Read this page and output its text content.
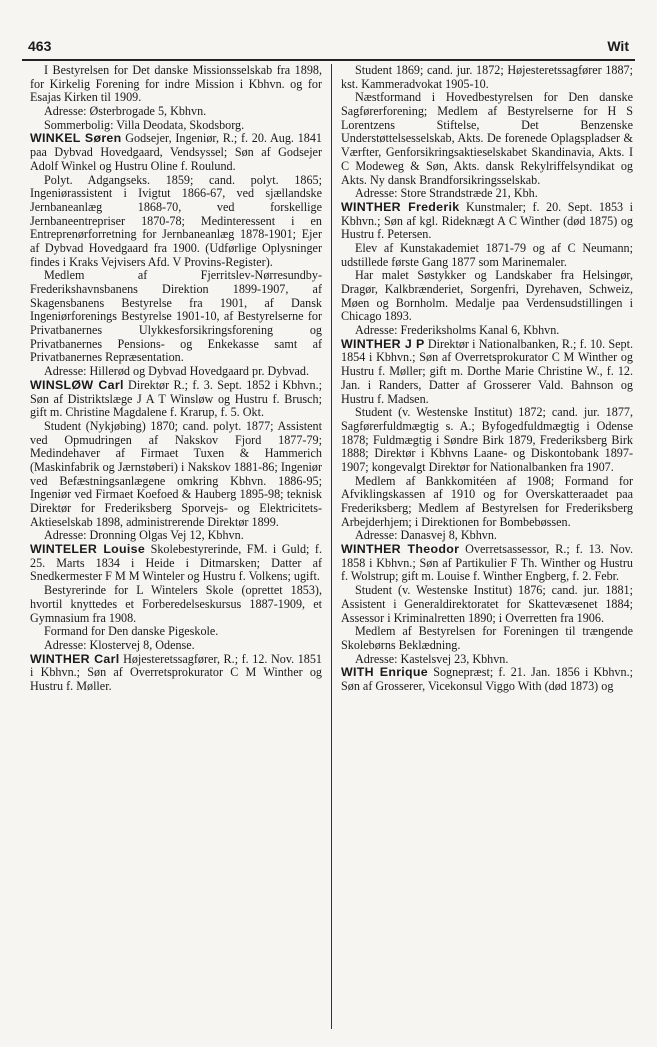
463	Wit

I Bestyrelsen for Det danske Missionsselskab fra 1898, for Kirkelig Forening for indre Mission i Kbhvn. og for Esajas Kirken til 1909.

Adresse: Østerbrogade 5, Kbhvn.

Sommerbolig: Villa Deodata, Skodsborg.

WINKEL Søren Godsejer, Ingeniør, R.; f. 20. Aug. 1841 paa Dybvad Hovedgaard, Vendsyssel; Søn af Godsejer Adolf Winkel og Hustru Oline f. Roulund.

Polyt. Adgangseks. 1859; cand. polyt. 1865; Ingeniørassistent i Ivigtut 1866-67, ved sjællandske Jernbaneanlæg 1868-70, ved forskellige Jernbaneentrepriser 1870-78; Medinteressent i en Entreprenørforretning for Jernbaneanlæg 1878-1901; Ejer af Dybvad Hovedgaard fra 1900. (Udførlige Oplysninger findes i Kraks Vejvisers Afd. V Provins-Register).

Medlem af Fjerritslev-Nørresundby-Frederikshavnsbanens Direktion 1899-1907, af Skagensbanens Bestyrelse fra 1901, af Dansk Ingeniørforenings Bestyrelse 1901-10, af Bestyrelserne for Privatbanernes Ulykkesforsikringsforening og Privatbanernes Pensions- og Enkekasse samt af Privatbanernes Repræsentation.

Adresse: Hillerød og Dybvad Hovedgaard pr. Dybvad.

WINSLØW Carl Direktør R.; f. 3. Sept. 1852 i Kbhvn.; Søn af Distriktslæge J A T Winsløw og Hustru f. Brusch; gift m. Christine Magdalene f. Krarup, f. 5. Okt.

Student (Nykjøbing) 1870; cand. polyt. 1877; Assistent ved Opmudringen af Nakskov Fjord 1877-79; Medindehaver af Firmaet Tuxen & Hammerich (Maskinfabrik og Jærnstøberi) i Nakskov 1881-86; Ingeniør ved Befæstningsanlægene omkring Kbhvn. 1886-95; Ingeniør ved Firmaet Koefoed & Hauberg 1895-98; teknisk Direktør for Frederiksberg Sporvejs- og Elektricitets-Aktieselskab 1898, administrerende Direktør 1899.

Adresse: Dronning Olgas Vej 12, Kbhvn.

WINTELER Louise Skolebestyrerinde, FM. i Guld; f. 25. Marts 1834 i Heide i Ditmarsken; Datter af Snedkermester F M M Winteler og Hustru f. Volkens; ugift.

Bestyrerinde for L Wintelers Skole (oprettet 1853), hvortil knyttedes et Forberedelseskursus 1887-1909, et Gymnasium fra 1908.

Formand for Den danske Pigeskole.

Adresse: Klostervej 8, Odense.

WINTHER Carl Højesteretssagfører, R.; f. 12. Nov. 1851 i Kbhvn.; Søn af Overretsprokurator C M Winther og Hustru f. Møller.

Student 1869; cand. jur. 1872; Højesteretssagfører 1887; kst. Kammeradvokat 1905-10.

Næstformand i Hovedbestyrelsen for Den danske Sagførerforening; Medlem af Bestyrelserne for H S Lorentzens Stiftelse, Det Benzenske Understøttelsesselskab, Akts. De forenede Oplagspladser & Værfter, Genforsikringsaktieselskabet Skandinavia, Akts. I C Modeweg & Søn, Akts. dansk Rekylriffelsyndikat og Akts. Ny dansk Brandforsikringsselskab.

Adresse: Store Strandstræde 21, Kbh.

WINTHER Frederik Kunstmaler; f. 20. Sept. 1853 i Kbhvn.; Søn af kgl. Rideknægt A C Winther (død 1875) og Hustru f. Petersen.

Elev af Kunstakademiet 1871-79 og af C Neumann; udstillede første Gang 1877 som Marinemaler.

Har malet Søstykker og Landskaber fra Helsingør, Dragør, Kalkbrænderiet, Sorgenfri, Dyrehaven, Schweiz, Møen og Bornholm. Medalje paa Verdensudstillingen i Chicago 1893.

Adresse: Frederiksholms Kanal 6, Kbhvn.

WINTHER J P Direktør i Nationalbanken, R.; f. 10. Sept. 1854 i Kbhvn.; Søn af Overretsprokurator C M Winther og Hustru f. Møller; gift m. Dorthe Marie Christine W., f. 12. Jan. i Randers, Datter af Grosserer Vald. Bahnson og Hustru f. Madsen.

Student (v. Westenske Institut) 1872; cand. jur. 1877, Sagførerfuldmægtig s. A.; Byfogedfuldmægtig i Odense 1878; Fuldmægtig i Søndre Birk 1879, Frederiksberg Birk 1888; Direktør i Kbhvns Laane- og Diskontobank 1897-1907; kongevalgt Direktør for Nationalbanken fra 1907.

Medlem af Bankkomitéen af 1908; Formand for Afviklingskassen af 1910 og for Overskatteraadet paa Frederiksberg; Medlem af Bestyrelsen for Frederiksberg Arbejderhjem; i Direktionen for Bombebøssen.

Adresse: Danasvej 8, Kbhvn.

WINTHER Theodor Overretsassessor, R.; f. 13. Nov. 1858 i Kbhvn.; Søn af Partikulier F Th. Winther og Hustru f. Wolstrup; gift m. Louise f. Winther Engberg, f. 2. Febr.

Student (v. Westenske Institut) 1876; cand. jur. 1881; Assistent i Generaldirektoratet for Skattevæsenet 1884; Assessor i Kriminalretten 1890; i Overretten fra 1906.

Medlem af Bestyrelsen for Foreningen til trængende Skolebørns Beklædning.

Adresse: Kastelsvej 23, Kbhvn.

WITH Enrique Sognepræst; f. 21. Jan. 1856 i Kbhvn.; Søn af Grosserer, Vicekonsul Viggo With (død 1873) og
